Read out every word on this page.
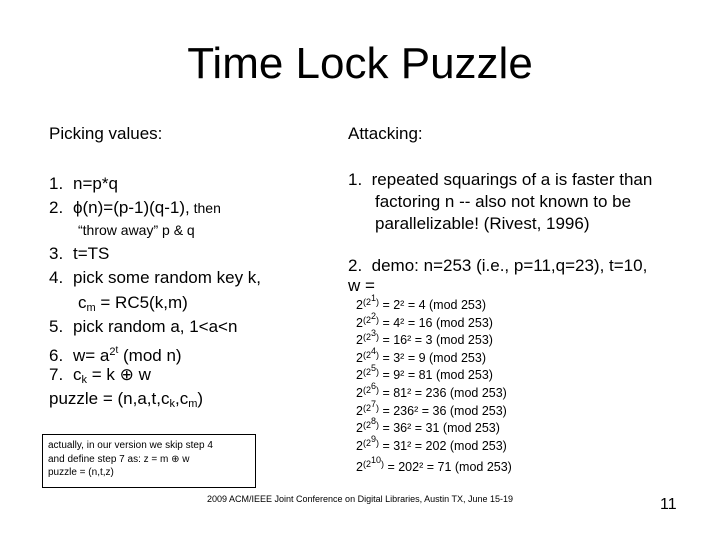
Time Lock Puzzle
Picking values:
1. n=p*q
2. ϕ(n)=(p-1)(q-1), then
“throw away” p & q
3. t=TS
4. pick some random key k,
$c_m = RC5(k,m)$
5. pick random a, 1<a<n
6. $w= a^{2t}$ (mod n)
7. $c_k = k$ ⊕ w
puzzle = $(n,a,t,c_k,c_m)$
actually, in our version we skip step 4
and define step 7 as: z = m ⊕ w
puzzle = (n,t,z)
Attacking:
1. repeated squarings of a is faster than
factoring n -- also not known to be
parallelizable! (Rivest, 1996)
2. demo: n=253 (i.e., p=11,q=23), t=10,
w =
$2^{(2^1)} = 2^2 = 4$ (mod 253)
$2^{(2^2)} = 4^2 = 16$ (mod 253)
$2^{(2^3)} = 16^2 = 3$ (mod 253)
$2^{(2^4)} = 3^2 = 9$ (mod 253)
$2^{(2^5)} = 9^2 = 81$ (mod 253)
$2^{(2^6)} = 81^2 = 236$ (mod 253)
$2^{(2^7)} = 236^2 = 36$ (mod 253)
$2^{(2^8)} = 36^2 = 31$ (mod 253)
$2^{(2^9)} = 31^2 = 202$ (mod 253)
$2^{(2^{10})} = 202^2 = 71$ (mod 253)
2009 ACM/IEEE Joint Conference on Digital Libraries, Austin TX, June 15-19	11
